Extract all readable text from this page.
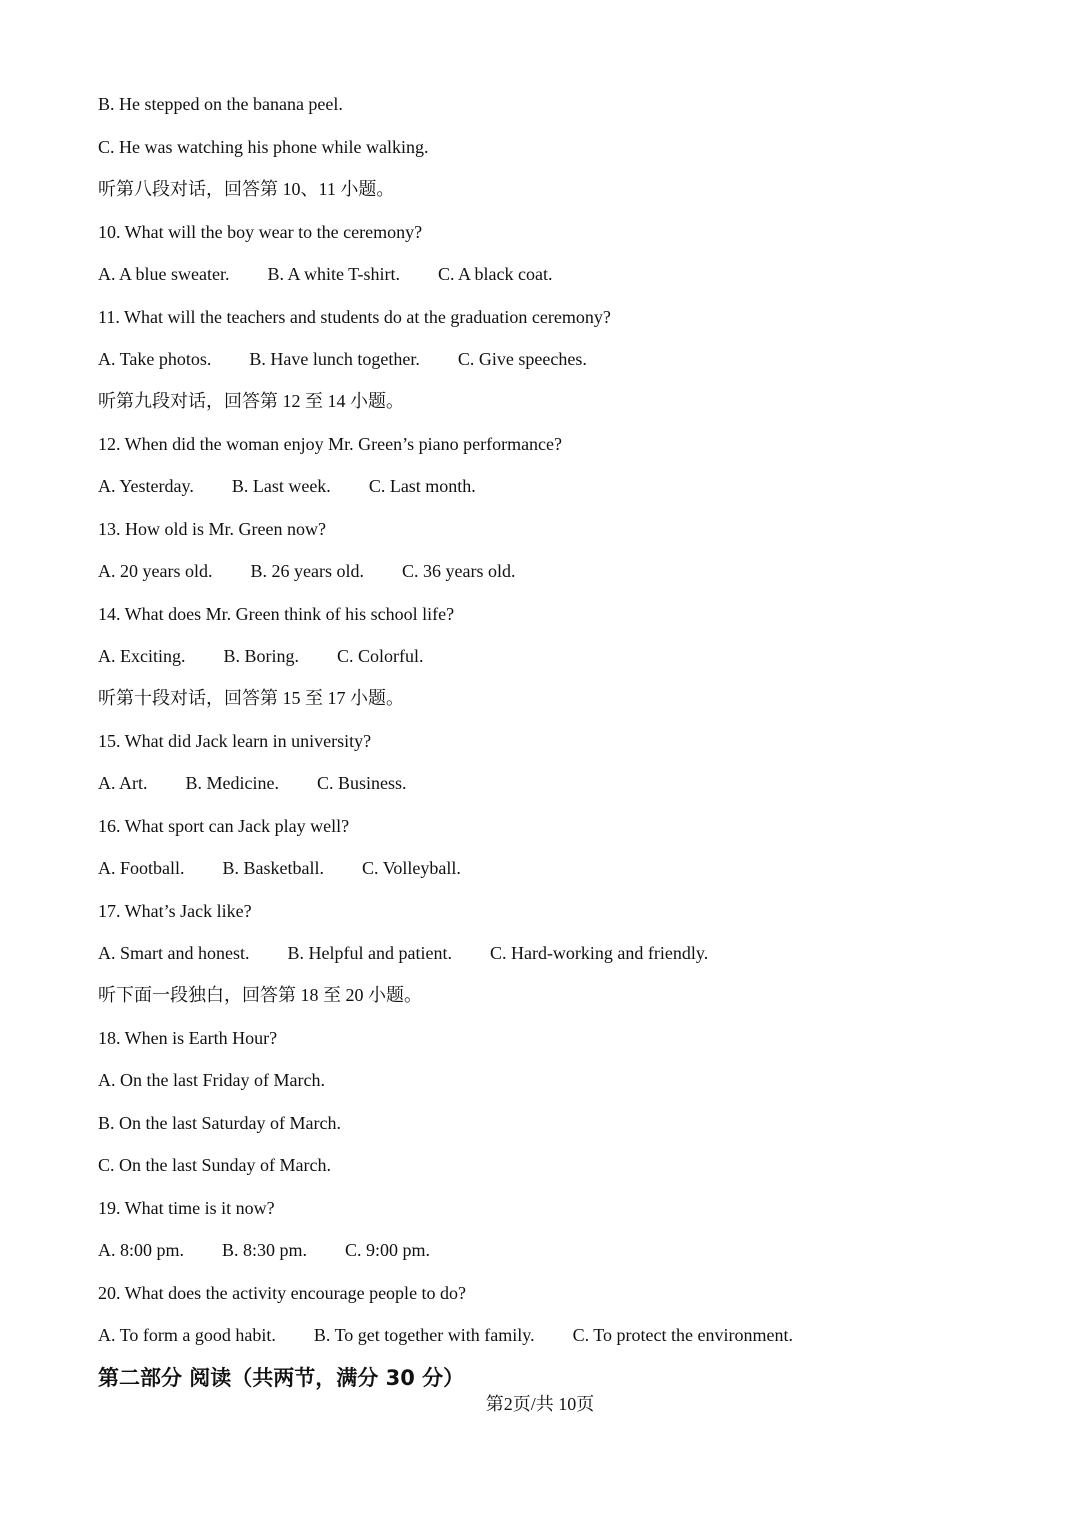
B. He stepped on the banana peel.
C. He was watching his phone while walking.
听第八段对话，回答第 10、11 小题。
10. What will the boy wear to the ceremony?
A. A blue sweater. B. A white T-shirt. C. A black coat.
11. What will the teachers and students do at the graduation ceremony?
A. Take photos. B. Have lunch together. C. Give speeches.
听第九段对话，回答第 12 至 14 小题。
12. When did the woman enjoy Mr. Green’s piano performance?
A. Yesterday. B. Last week. C. Last month.
13. How old is Mr. Green now?
A. 20 years old. B. 26 years old. C. 36 years old.
14. What does Mr. Green think of his school life?
A. Exciting. B. Boring. C. Colorful.
听第十段对话，回答第 15 至 17 小题。
15. What did Jack learn in university?
A. Art. B. Medicine. C. Business.
16. What sport can Jack play well?
A. Football. B. Basketball. C. Volleyball.
17. What’s Jack like?
A. Smart and honest. B. Helpful and patient. C. Hard-working and friendly.
听下面一段独白，回答第 18 至 20 小题。
18. When is Earth Hour?
A. On the last Friday of March.
B. On the last Saturday of March.
C. On the last Sunday of March.
19. What time is it now?
A. 8:00 pm. B. 8:30 pm. C. 9:00 pm.
20. What does the activity encourage people to do?
A. To form a good habit. B. To get together with family. C. To protect the environment.
第二部分 阅读（共两节，满分 30 分）
第2页/共 10页
